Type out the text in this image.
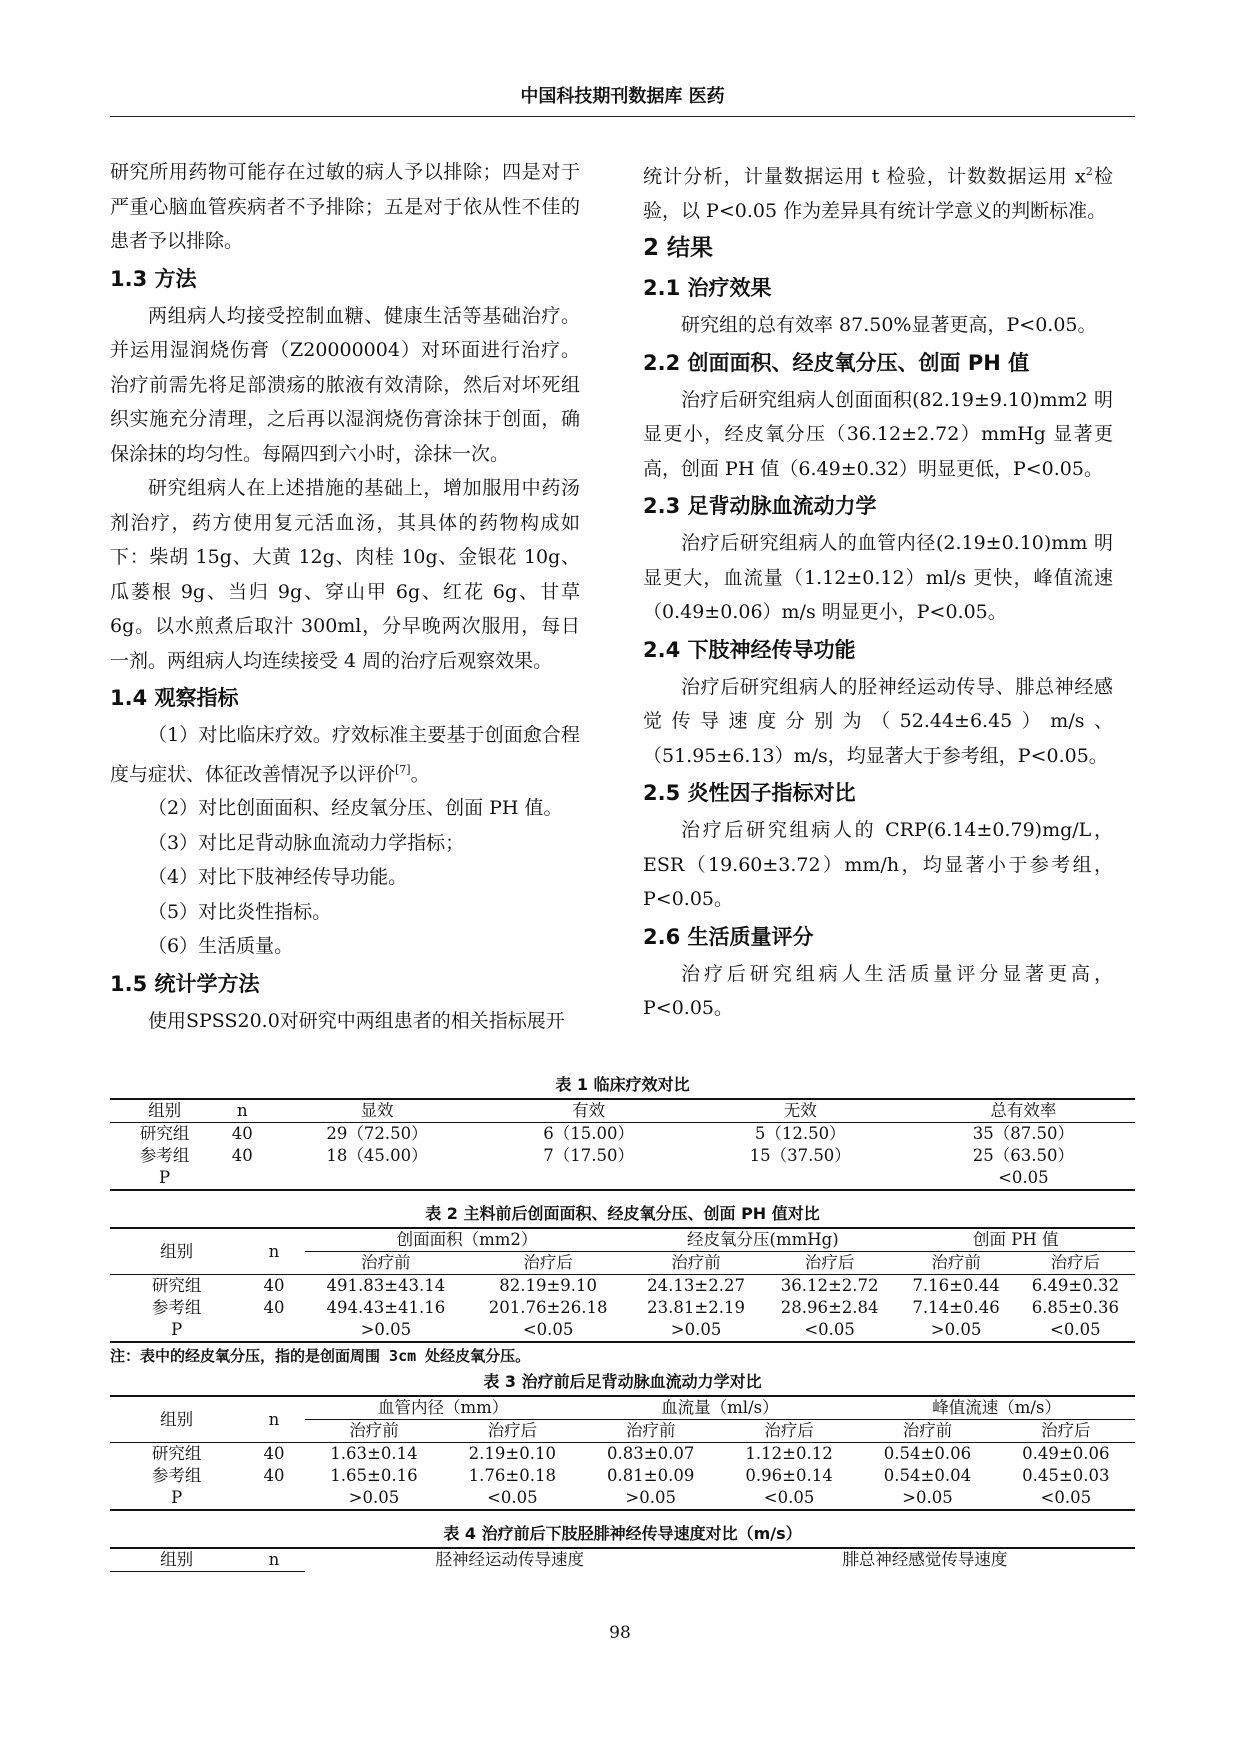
中国科技期刊数据库 医药

研究所用药物可能存在过敏的病人予以排除；四是对于严重心脑血管疾病者不予排除；五是对于依从性不佳的患者予以排除。

1.3 方法

两组病人均接受控制血糖、健康生活等基础治疗。并运用湿润烧伤膏（Z20000004）对环面进行治疗。治疗前需先将足部溃疡的脓液有效清除，然后对坏死组织实施充分清理，之后再以湿润烧伤膏涂抹于创面，确保涂抹的均匀性。每隔四到六小时，涂抹一次。

研究组病人在上述措施的基础上，增加服用中药汤剂治疗，药方使用复元活血汤，其具体的药物构成如下：柴胡 15g、大黄 12g、肉桂 10g、金银花 10g、瓜蒌根 9g、当归 9g、穿山甲 6g、红花 6g、甘草 6g。以水煎煮后取汁 300ml，分早晚两次服用，每日一剂。两组病人均连续接受 4 周的治疗后观察效果。

1.4 观察指标

（1）对比临床疗效。疗效标准主要基于创面愈合程度与症状、体征改善情况予以评价[7]。

（2）对比创面面积、经皮氧分压、创面 PH 值。

（3）对比足背动脉血流动力学指标；

（4）对比下肢神经传导功能。

（5）对比炎性指标。

（6）生活质量。

1.5 统计学方法

使用SPSS20.0对研究中两组患者的相关指标展开

统计分析，计量数据运用 t 检验，计数数据运用 $x^2$检验，以 P<0.05 作为差异具有统计学意义的判断标准。

2 结果
2.1 治疗效果

研究组的总有效率 87.50%显著更高，P<0.05。

2.2 创面面积、经皮氧分压、创面 PH 值

治疗后研究组病人创面面积(82.19±9.10)mm2 明显更小，经皮氧分压（36.12±2.72）mmHg 显著更高，创面 PH 值（6.49±0.32）明显更低，P<0.05。

2.3 足背动脉血流动力学

治疗后研究组病人的血管内径(2.19±0.10)mm 明显更大，血流量（1.12±0.12）ml/s 更快，峰值流速（0.49±0.06）m/s 明显更小，P<0.05。

2.4 下肢神经传导功能

治疗后研究组病人的胫神经运动传导、腓总神经感觉传导速度分别为（52.44±6.45）m/s、（51.95±6.13）m/s，均显著大于参考组，P<0.05。

2.5 炎性因子指标对比

治疗后研究组病人的 CRP(6.14±0.79)mg/L，ESR（19.60±3.72）mm/h，均显著小于参考组，P<0.05。

2.6 生活质量评分

治疗后研究组病人生活质量评分显著更高，P<0.05。

表 1 临床疗效对比
组别	n	显效	有效	无效	总有效率
研究组	40	29（72.50）	6（15.00）	5（12.50）	35（87.50）
参考组	40	18（45.00）	7（17.50）	15（37.50）	25（63.50）
P					<0.05
表 2 主料前后创面面积、经皮氧分压、创面 PH 值对比
组别	n	创面面积（mm2）		经皮氧分压(mmHg)		创面 PH 值	
		治疗前	治疗后	治疗前	治疗后	治疗前	治疗后
研究组	40	491.83±43.14	82.19±9.10	24.13±2.27	36.12±2.72	7.16±0.44	6.49±0.32
参考组	40	494.43±41.16	201.76±26.18	23.81±2.19	28.96±2.84	7.14±0.46	6.85±0.36
P		>0.05	<0.05	>0.05	<0.05	>0.05	<0.05
注：表中的经皮氧分压，指的是创面周围 3cm 处经皮氧分压。
表 3 治疗前后足背动脉血流动力学对比
组别	n	血管内径（mm）		血流量（ml/s）		峰值流速（m/s）	
		治疗前	治疗后	治疗前	治疗后	治疗前	治疗后
研究组	40	1.63±0.14	2.19±0.10	0.83±0.07	1.12±0.12	0.54±0.06	0.49±0.06
参考组	40	1.65±0.16	1.76±0.18	0.81±0.09	0.96±0.14	0.54±0.04	0.45±0.03
P		>0.05	<0.05	>0.05	<0.05	>0.05	<0.05
表 4 治疗前后下肢胫腓神经传导速度对比（m/s）
组别	n	胫神经运动传导速度	腓总神经感觉传导速度
98
